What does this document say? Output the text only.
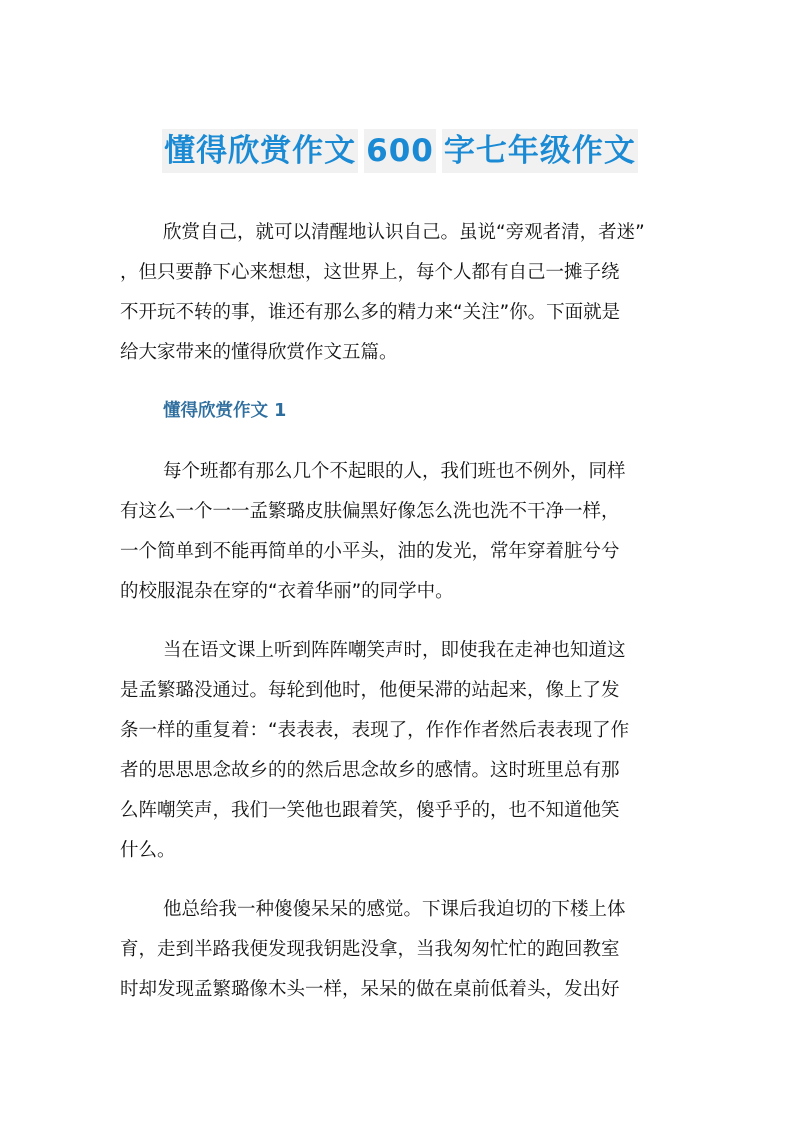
懂得欣赏作文 600 字七年级作文

欣赏自己，就可以清醒地认识自己。虽说“旁观者清，者迷”
，但只要静下心来想想，这世界上，每个人都有自己一摊子绕
不开玩不转的事，谁还有那么多的精力来“关注”你。下面就是
给大家带来的懂得欣赏作文五篇。

懂得欣赏作文 1

每个班都有那么几个不起眼的人，我们班也不例外，同样
有这么一个一一孟繁璐皮肤偏黑好像怎么洗也洗不干净一样，
一个简单到不能再简单的小平头，油的发光，常年穿着脏兮兮
的校服混杂在穿的“衣着华丽”的同学中。

当在语文课上听到阵阵嘲笑声时，即使我在走神也知道这
是孟繁璐没通过。每轮到他时，他便呆滞的站起来，像上了发
条一样的重复着：“表表表，表现了，作作作者然后表表现了作
者的思思思念故乡的的然后思念故乡的感情。这时班里总有那
么阵嘲笑声，我们一笑他也跟着笑，傻乎乎的，也不知道他笑
什么。

他总给我一种傻傻呆呆的感觉。下课后我迫切的下楼上体
育，走到半路我便发现我钥匙没拿，当我匆匆忙忙的跑回教室
时却发现孟繁璐像木头一样，呆呆的做在桌前低着头，发出好
